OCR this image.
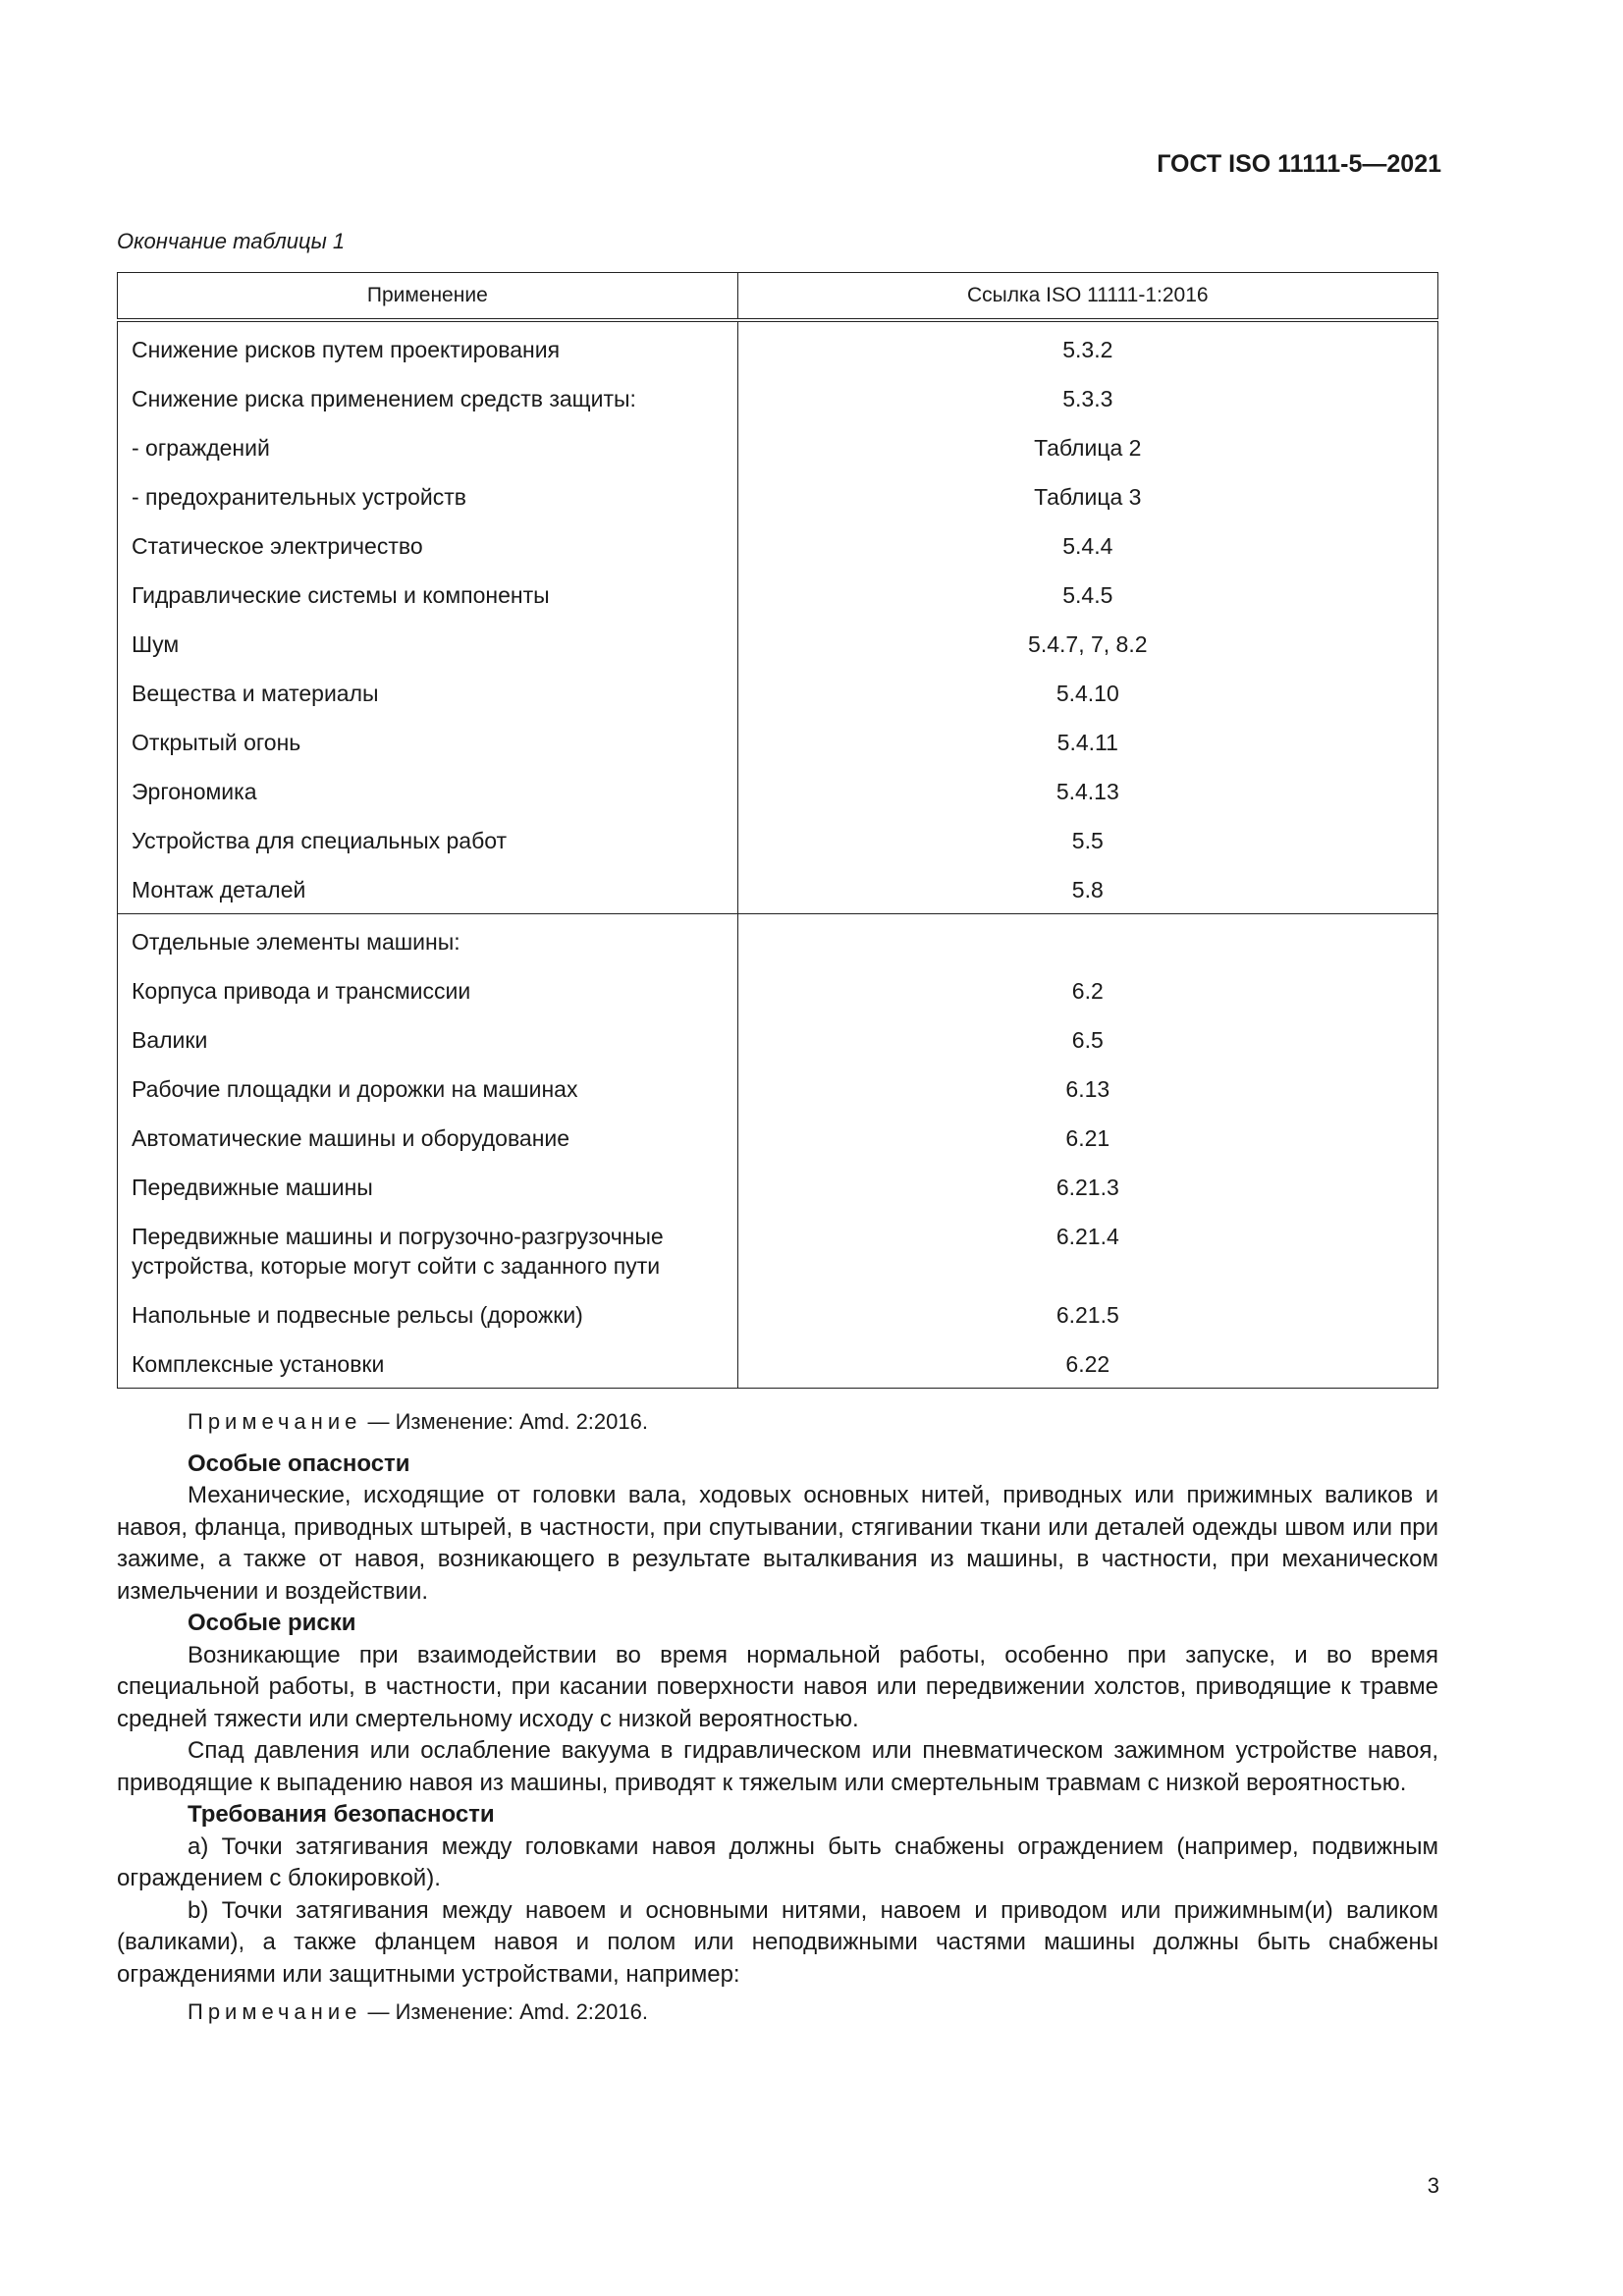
ГОСТ ISO 11111-5—2021
Окончание таблицы 1
Применение	Ссылка ISO 11111-1:2016
Снижение рисков путем проектирования	5.3.2
Снижение риска применением средств защиты:	5.3.3
- ограждений	Таблица 2
- предохранительных устройств	Таблица 3
Статическое электричество	5.4.4
Гидравлические системы и компоненты	5.4.5
Шум	5.4.7, 7, 8.2
Вещества и материалы	5.4.10
Открытый огонь	5.4.11
Эргономика	5.4.13
Устройства для специальных работ	5.5
Монтаж деталей	5.8
Отдельные элементы машины:	
Корпуса привода и трансмиссии	6.2
Валики	6.5
Рабочие площадки и дорожки на машинах	6.13
Автоматические машины и оборудование	6.21
Передвижные машины	6.21.3
Передвижные машины и погрузочно-разгрузочные устройства, которые могут сойти с заданного пути	6.21.4
Напольные и подвесные рельсы (дорожки)	6.21.5
Комплексные установки	6.22

Примечание — Изменение: Amd. 2:2016.

Особые опасности

Механические, исходящие от головки вала, ходовых основных нитей, приводных или прижимных валиков и навоя, фланца, приводных штырей, в частности, при спутывании, стягивании ткани или деталей одежды швом или при зажиме, а также от навоя, возникающего в результате выталкивания из машины, в частности, при механическом измельчении и воздействии.

Особые риски

Возникающие при взаимодействии во время нормальной работы, особенно при запуске, и во время специальной работы, в частности, при касании поверхности навоя или передвижении холстов, приводящие к травме средней тяжести или смертельному исходу с низкой вероятностью.

Спад давления или ослабление вакуума в гидравлическом или пневматическом зажимном устройстве навоя, приводящие к выпадению навоя из машины, приводят к тяжелым или смертельным травмам с низкой вероятностью.

Требования безопасности

a) Точки затягивания между головками навоя должны быть снабжены ограждением (например, подвижным ограждением с блокировкой).

b) Точки затягивания между навоем и основными нитями, навоем и приводом или прижимным(и) валиком (валиками), а также фланцем навоя и полом или неподвижными частями машины должны быть снабжены ограждениями или защитными устройствами, например:

Примечание — Изменение: Amd. 2:2016.

3
